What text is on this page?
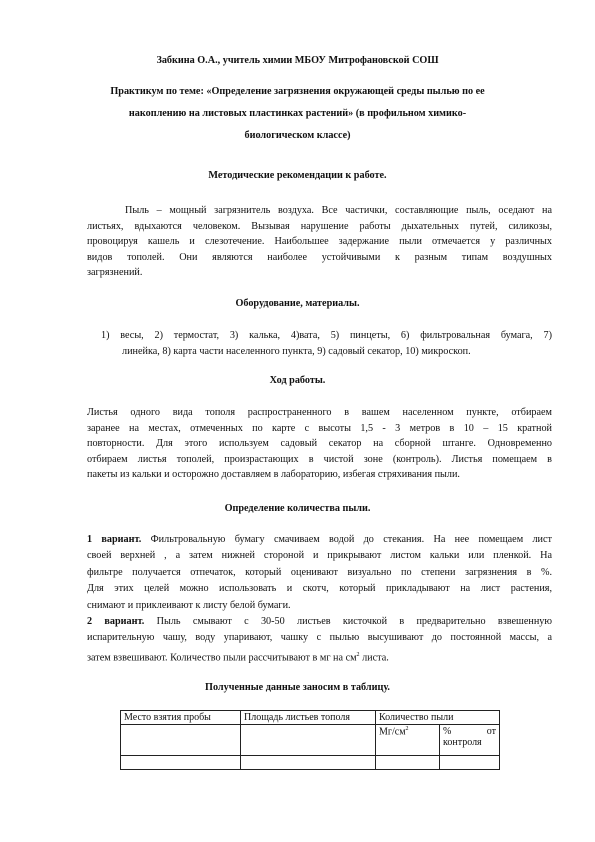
Забкина О.А., учитель химии МБОУ Митрофановской СОШ

Практикум по теме: «Определение загрязнения окружающей среды пылью по ее

накоплению на листовых пластинках растений» (в профильном химико-

биологическом классе)

Методические рекомендации к работе.

Пыль – мощный загрязнитель воздуха. Все частички, составляющие пыль, оседают на
листьях, вдыхаются человеком. Вызывая нарушение работы дыхательных путей, силикозы,
провоцируя кашель и слезотечение. Наибольшее задержание пыли отмечается у различных
видов тополей. Они являются наиболее устойчивыми к разным типам воздушных
загрязнений.

Оборудование, материалы.

1) весы, 2) термостат, 3) калька, 4)вата, 5) пинцеты, 6) фильтровальная бумага, 7)
линейка, 8) карта части населенного пункта, 9) садовый секатор, 10) микроскоп.

Ход работы.

Листья одного вида тополя распространенного в вашем населенном пункте, отбираем
заранее на местах, отмеченных по карте с высоты 1,5 - 3 метров в 10 – 15 кратной
повторности. Для этого используем садовый секатор на сборной штанге. Одновременно
отбираем листья тополей, произрастающих в чистой зоне (контроль). Листья помещаем в
пакеты из кальки и осторожно доставляем в лабораторию, избегая стряхивания пыли.

Определение количества пыли.

1 вариант. Фильтровальную бумагу смачиваем водой до стекания. На нее помещаем лист
своей верхней , а затем нижней стороной и прикрывают листом кальки или пленкой. На
фильтре получается отпечаток, который оценивают визуально по степени загрязнения в %.
Для этих целей можно использовать и скотч, который прикладывают на лист растения,
снимают и приклеивают к листу белой бумаги.
2 вариант. Пыль смывают с 30-50 листьев кисточкой в предварительно взвешенную
испарительную чашу, воду упаривают, чашку с пылью высушивают до постоянной массы, а
затем взвешивают. Количество пыли рассчитывают в мг на $см^2$ листа.

Полученные данные заносим в таблицу.

Место взятия пробы	Площадь листьев тополя	Количество пыли	
		$Мг/см^2$	% от
контроля
